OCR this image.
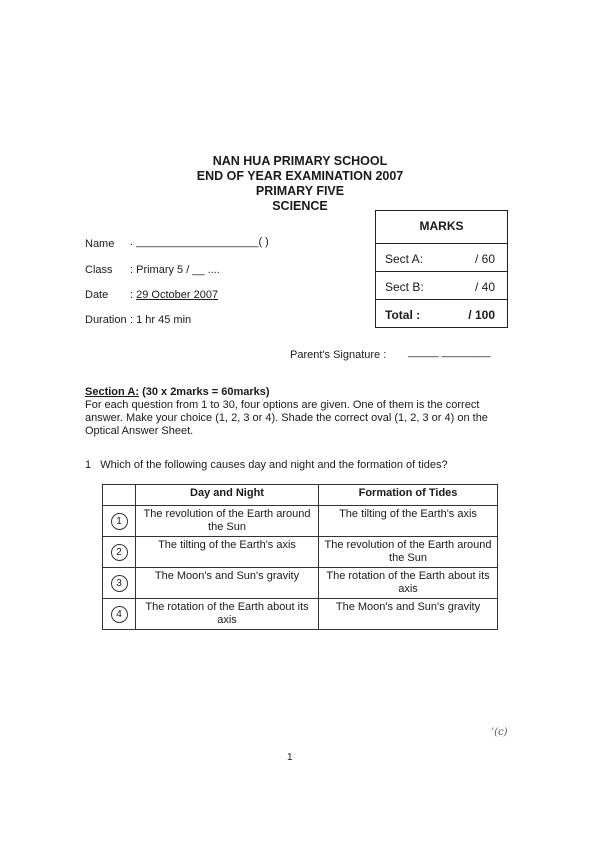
NAN HUA PRIMARY SCHOOL
END OF YEAR EXAMINATION 2007
PRIMARY FIVE
SCIENCE
Name . ____________________( )
Class : Primary 5 / __ ....
Date : 29 October 2007
Duration : 1 hr 45 min
MARKS
Sect A:	/ 60
Sect B:	/ 40
Total :	/ 100
Parent's Signature : _____ ________
Section A: (30 x 2marks = 60marks)
For each question from 1 to 30, four options are given. One of them is the correct answer. Make your choice (1, 2, 3 or 4). Shade the correct oval (1, 2, 3 or 4) on the Optical Answer Sheet.
1 Which of the following causes day and night and the formation of tides?
	Day and Night	Formation of Tides
1	The revolution of the Earth around the Sun	The tilting of the Earth's axis
2	The tilting of the Earth's axis	The revolution of the Earth around the Sun
3	The Moon's and Sun's gravity	The rotation of the Earth about its axis
4	The rotation of the Earth about its axis	The Moon's and Sun's gravity
’(c)
1
